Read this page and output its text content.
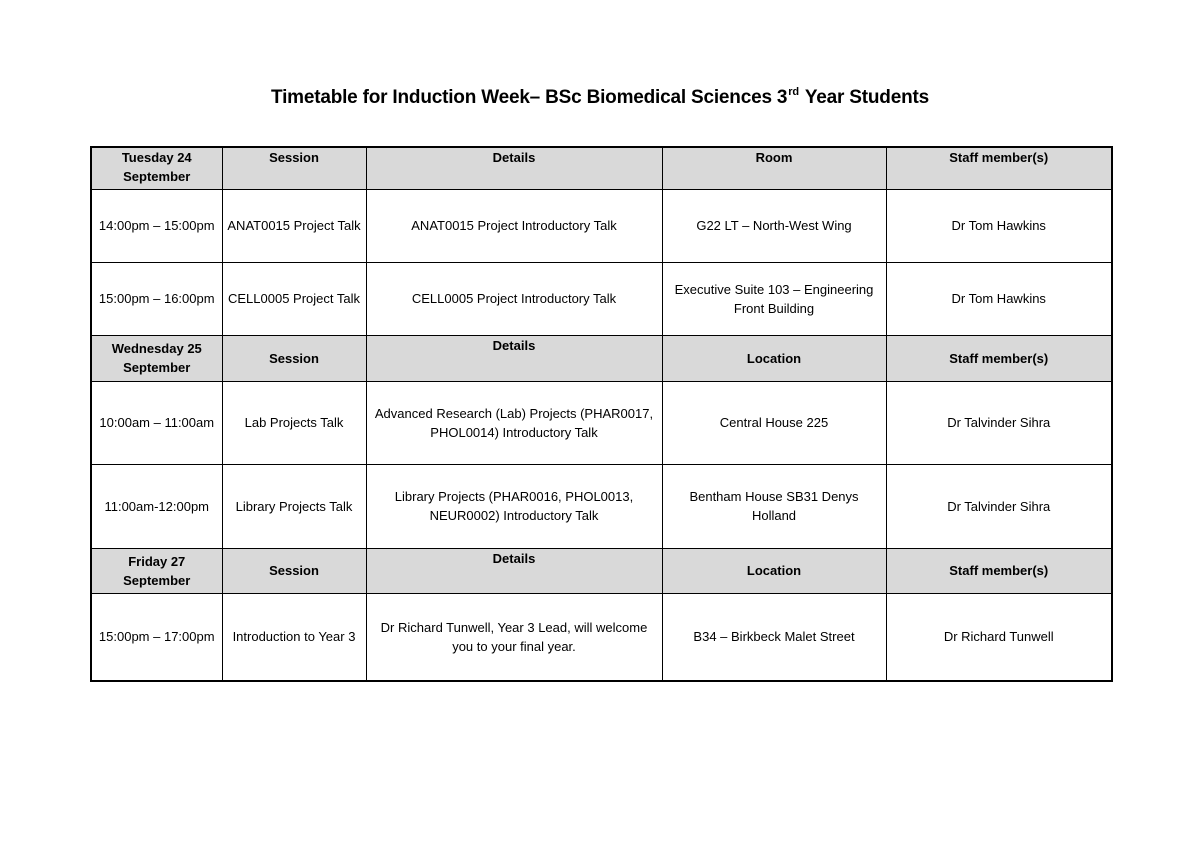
Timetable for Induction Week– BSc Biomedical Sciences 3rd Year Students
Tuesday 24 September	Session	Details	Room	Staff member(s)
14:00pm – 15:00pm	ANAT0015 Project Talk	ANAT0015 Project Introductory Talk	G22 LT – North-West Wing	Dr Tom Hawkins
15:00pm – 16:00pm	CELL0005 Project Talk	CELL0005 Project Introductory Talk	Executive Suite 103 – Engineering Front Building	Dr Tom Hawkins
Wednesday 25 September	Session	Details	Location	Staff member(s)
10:00am – 11:00am	Lab Projects Talk	Advanced Research (Lab) Projects (PHAR0017, PHOL0014) Introductory Talk	Central House 225	Dr Talvinder Sihra
11:00am-12:00pm	Library Projects Talk	Library Projects (PHAR0016, PHOL0013, NEUR0002) Introductory Talk	Bentham House SB31 Denys Holland	Dr Talvinder Sihra
Friday 27 September	Session	Details	Location	Staff member(s)
15:00pm – 17:00pm	Introduction to Year 3	Dr Richard Tunwell, Year 3 Lead, will welcome you to your final year.	B34 – Birkbeck Malet Street	Dr Richard Tunwell
